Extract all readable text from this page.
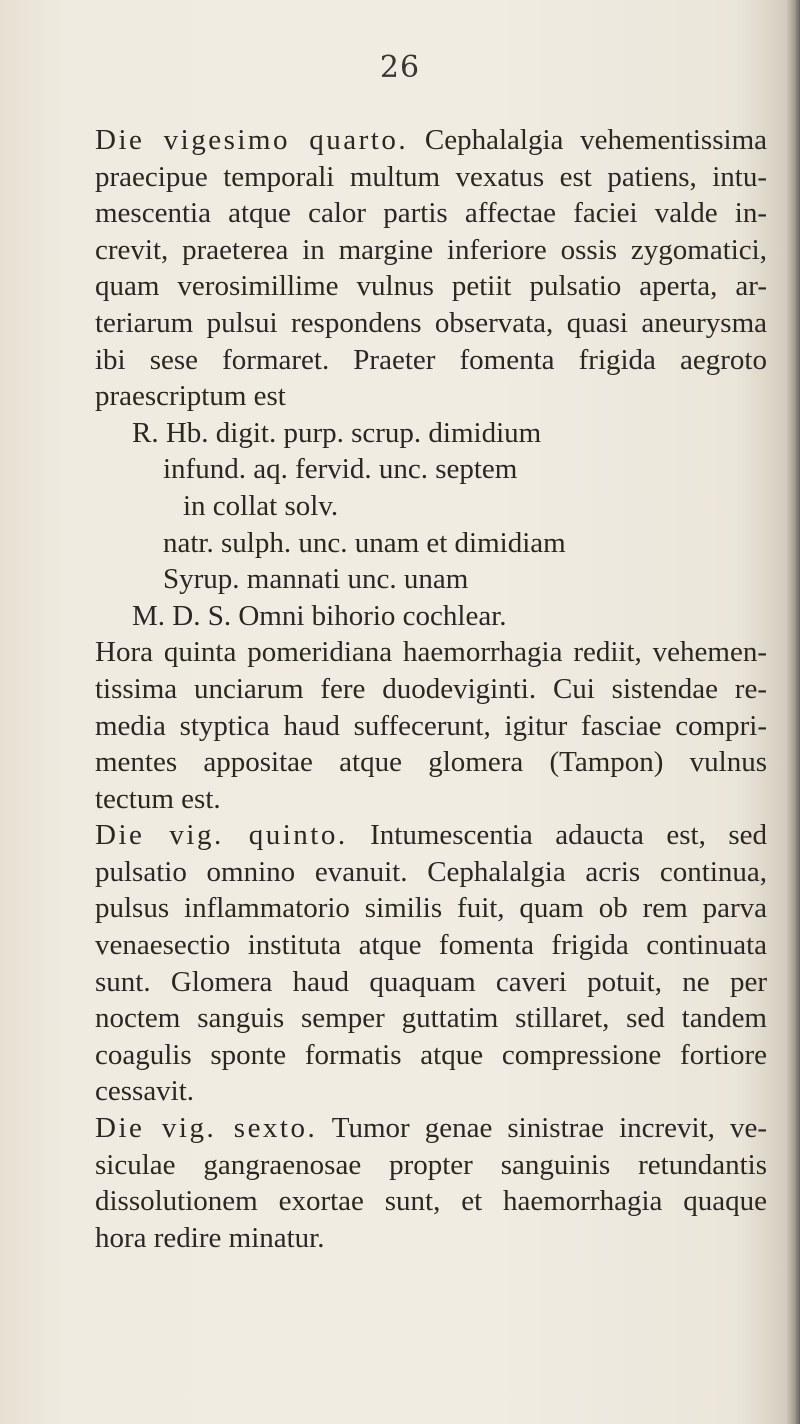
26
Die vigesimo quarto. Cephalalgia vehementissima
praecipue temporali multum vexatus est patiens, intu-
mescentia atque calor partis affectae faciei valde in-
crevit, praeterea in margine inferiore ossis zygomatici,
quam verosimillime vulnus petiit pulsatio aperta, ar-
teriarum pulsui respondens observata, quasi aneurysma
ibi sese formaret. Praeter fomenta frigida aegroto
praescriptum est
R. Hb. digit. purp. scrup. dimidium
infund. aq. fervid. unc. septem
in collat solv.
natr. sulph. unc. unam et dimidiam
Syrup. mannati unc. unam
M. D. S. Omni bihorio cochlear.
Hora quinta pomeridiana haemorrhagia rediit, vehemen-
tissima unciarum fere duodeviginti. Cui sistendae re-
media styptica haud suffecerunt, igitur fasciae compri-
mentes appositae atque glomera (Tampon) vulnus
tectum est.
Die vig. quinto. Intumescentia adaucta est, sed
pulsatio omnino evanuit. Cephalalgia acris continua,
pulsus inflammatorio similis fuit, quam ob rem parva
venaesectio instituta atque fomenta frigida continuata
sunt. Glomera haud quaquam caveri potuit, ne per
noctem sanguis semper guttatim stillaret, sed tandem
coagulis sponte formatis atque compressione fortiore
cessavit.
Die vig. sexto. Tumor genae sinistrae increvit, ve-
siculae gangraenosae propter sanguinis retundantis
dissolutionem exortae sunt, et haemorrhagia quaque
hora redire minatur.
